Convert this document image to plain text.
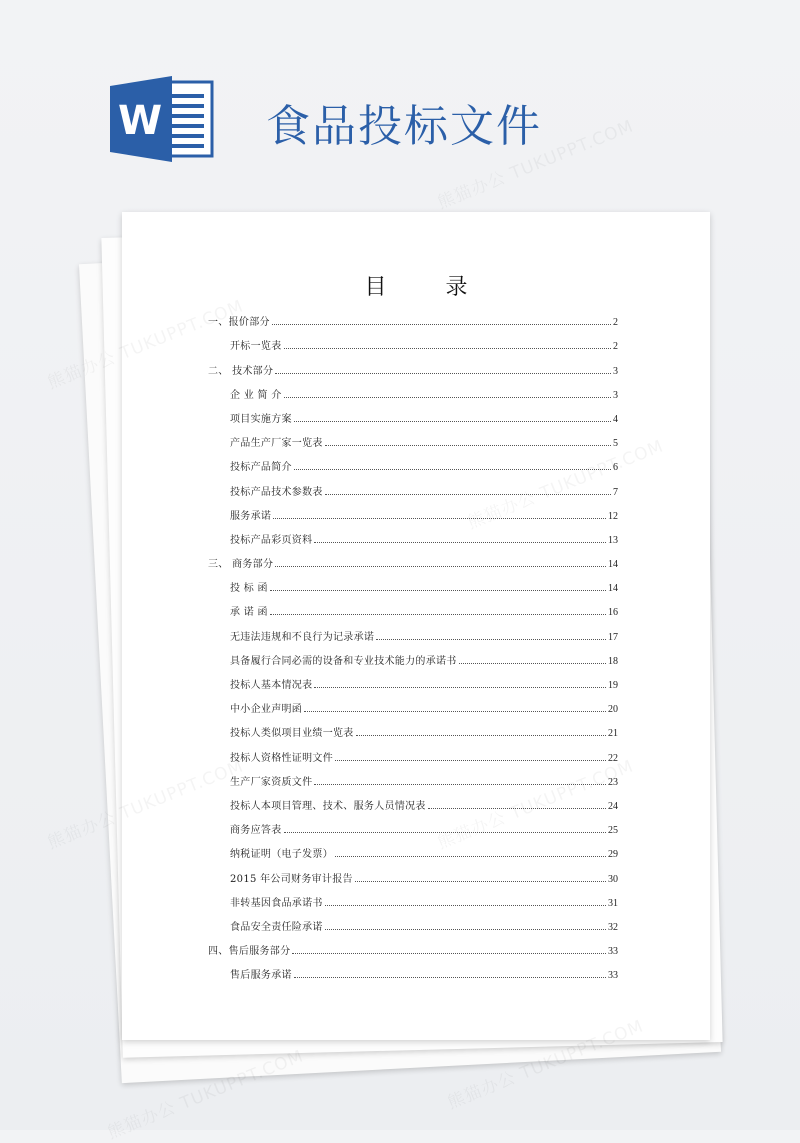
W 食品投标文件
目 录
一、报价部分	2
开标一览表	2
二、 技术部分	3
企 业 简 介	3
项目实施方案	4
产品生产厂家一览表	5
投标产品简介	6
投标产品技术参数表	7
服务承诺	12
投标产品彩页资料	13
三、 商务部分	14
投 标 函	14
承 诺 函	16
无违法违规和不良行为记录承诺	17
具备履行合同必需的设备和专业技术能力的承诺书	18
投标人基本情况表	19
中小企业声明函	20
投标人类似项目业绩一览表	21
投标人资格性证明文件	22
生产厂家资质文件	23
投标人本项目管理、技术、服务人员情况表	24
商务应答表	25
纳税证明（电子发票）	29
2015 年公司财务审计报告	30
非转基因食品承诺书	31
食品安全责任险承诺	32
四、售后服务部分	33
售后服务承诺	33
